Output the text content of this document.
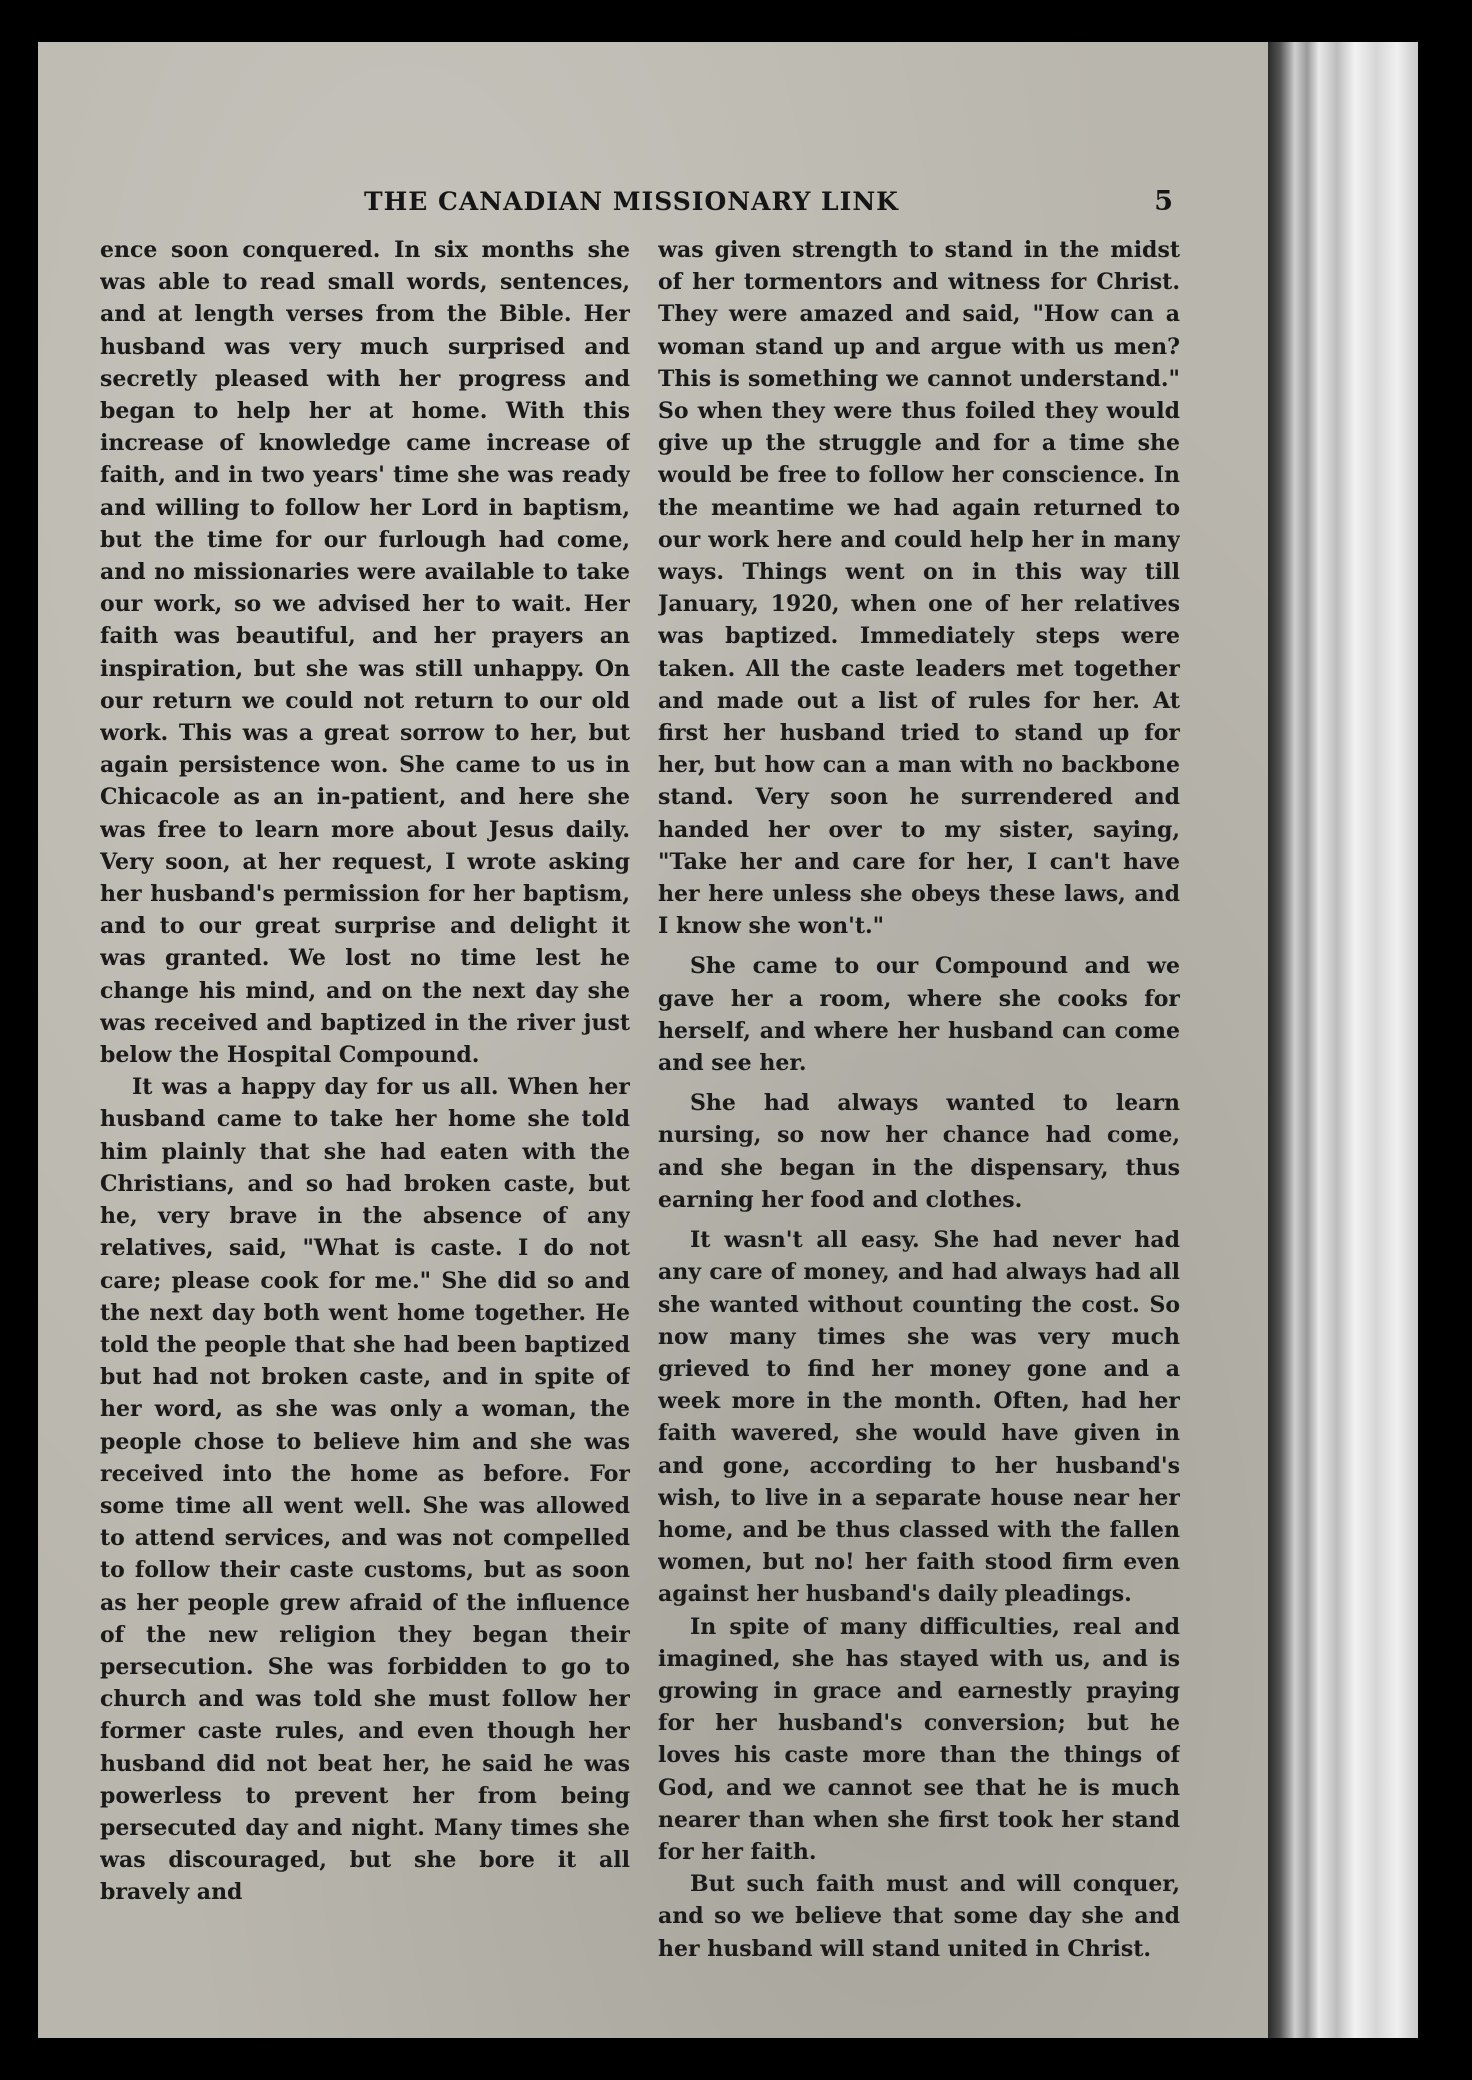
THE CANADIAN MISSIONARY LINK	5

ence soon conquered. In six months she was able to read small words, sentences, and at length verses from the Bible. Her husband was very much surprised and secretly pleased with her progress and began to help her at home. With this increase of knowledge came increase of faith, and in two years' time she was ready and willing to follow her Lord in baptism, but the time for our furlough had come, and no missionaries were available to take our work, so we advised her to wait. Her faith was beautiful, and her prayers an inspiration, but she was still unhappy. On our return we could not return to our old work. This was a great sorrow to her, but again persistence won. She came to us in Chicacole as an in-patient, and here she was free to learn more about Jesus daily. Very soon, at her request, I wrote asking her husband's permission for her baptism, and to our great surprise and delight it was granted. We lost no time lest he change his mind, and on the next day she was received and baptized in the river just below the Hospital Compound.

It was a happy day for us all. When her husband came to take her home she told him plainly that she had eaten with the Christians, and so had broken caste, but he, very brave in the absence of any relatives, said, "What is caste. I do not care; please cook for me." She did so and the next day both went home together. He told the people that she had been baptized but had not broken caste, and in spite of her word, as she was only a woman, the people chose to believe him and she was received into the home as before. For some time all went well. She was allowed to attend services, and was not compelled to follow their caste customs, but as soon as her people grew afraid of the influence of the new religion they began their persecution. She was forbidden to go to church and was told she must follow her former caste rules, and even though her husband did not beat her, he said he was powerless to prevent her from being persecuted day and night. Many times she was discouraged, but she bore it all bravely and

was given strength to stand in the midst of her tormentors and witness for Christ. They were amazed and said, "How can a woman stand up and argue with us men? This is something we cannot understand." So when they were thus foiled they would give up the struggle and for a time she would be free to follow her conscience. In the meantime we had again returned to our work here and could help her in many ways. Things went on in this way till January, 1920, when one of her relatives was baptized. Immediately steps were taken. All the caste leaders met together and made out a list of rules for her. At first her husband tried to stand up for her, but how can a man with no backbone stand. Very soon he surrendered and handed her over to my sister, saying, "Take her and care for her, I can't have her here unless she obeys these laws, and I know she won't."

She came to our Compound and we gave her a room, where she cooks for herself, and where her husband can come and see her.

She had always wanted to learn nursing, so now her chance had come, and she began in the dispensary, thus earning her food and clothes.

It wasn't all easy. She had never had any care of money, and had always had all she wanted without counting the cost. So now many times she was very much grieved to find her money gone and a week more in the month. Often, had her faith wavered, she would have given in and gone, according to her husband's wish, to live in a separate house near her home, and be thus classed with the fallen women, but no! her faith stood firm even against her husband's daily pleadings.

In spite of many difficulties, real and imagined, she has stayed with us, and is growing in grace and earnestly praying for her husband's conversion; but he loves his caste more than the things of God, and we cannot see that he is much nearer than when she first took her stand for her faith.

But such faith must and will conquer, and so we believe that some day she and her husband will stand united in Christ.
